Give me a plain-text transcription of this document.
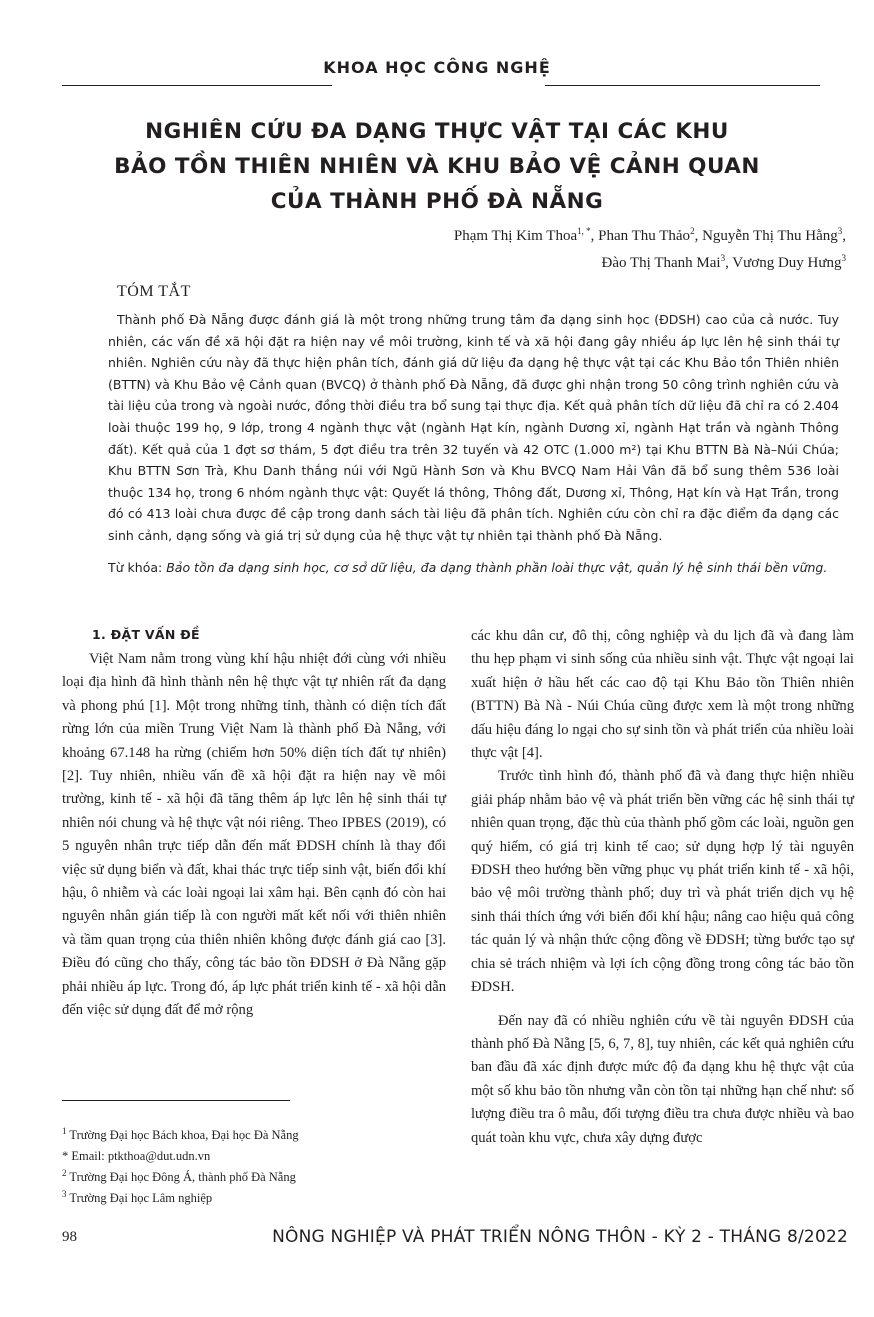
KHOA HỌC CÔNG NGHỆ
NGHIÊN CỨU ĐA DẠNG THỰC VẬT TẠI CÁC KHU
BẢO TỒN THIÊN NHIÊN VÀ KHU BẢO VỆ CẢNH QUAN
CỦA THÀNH PHỐ ĐÀ NẴNG
Phạm Thị Kim Thoa$^{1, *}$, Phan Thu Thảo$^2$, Nguyễn Thị Thu Hằng$^3$,
Đào Thị Thanh Mai$^3$, Vương Duy Hưng$^3$
TÓM TẮT
Thành phố Đà Nẵng được đánh giá là một trong những trung tâm đa dạng sinh học (ĐDSH) cao của cả nước. Tuy nhiên, các vấn đề xã hội đặt ra hiện nay về môi trường, kinh tế và xã hội đang gây nhiều áp lực lên hệ sinh thái tự nhiên. Nghiên cứu này đã thực hiện phân tích, đánh giá dữ liệu đa dạng hệ thực vật tại các Khu Bảo tồn Thiên nhiên (BTTN) và Khu Bảo vệ Cảnh quan (BVCQ) ở thành phố Đà Nẵng, đã được ghi nhận trong 50 công trình nghiên cứu và tài liệu của trong và ngoài nước, đồng thời điều tra bổ sung tại thực địa. Kết quả phân tích dữ liệu đã chỉ ra có 2.404 loài thuộc 199 họ, 9 lớp, trong 4 ngành thực vật (ngành Hạt kín, ngành Dương xỉ, ngành Hạt trần và ngành Thông đất). Kết quả của 1 đợt sơ thám, 5 đợt điều tra trên 32 tuyến và 42 OTC (1.000 m²) tại Khu BTTN Bà Nà–Núi Chúa; Khu BTTN Sơn Trà, Khu Danh thắng núi với Ngũ Hành Sơn và Khu BVCQ Nam Hải Vân đã bổ sung thêm 536 loài thuộc 134 họ, trong 6 nhóm ngành thực vật: Quyết lá thông, Thông đất, Dương xỉ, Thông, Hạt kín và Hạt Trần, trong đó có 413 loài chưa được đề cập trong danh sách tài liệu đã phân tích. Nghiên cứu còn chỉ ra đặc điểm đa dạng các sinh cảnh, dạng sống và giá trị sử dụng của hệ thực vật tự nhiên tại thành phố Đà Nẵng.
Từ khóa: Bảo tồn đa dạng sinh học, cơ sở dữ liệu, đa dạng thành phần loài thực vật, quản lý hệ sinh thái bền vững.
1. ĐẶT VẤN ĐỀ

Việt Nam nằm trong vùng khí hậu nhiệt đới cùng với nhiều loại địa hình đã hình thành nên hệ thực vật tự nhiên rất đa dạng và phong phú [1]. Một trong những tỉnh, thành có diện tích đất rừng lớn của miền Trung Việt Nam là thành phố Đà Nẵng, với khoảng 67.148 ha rừng (chiếm hơn 50% diện tích đất tự nhiên) [2]. Tuy nhiên, nhiều vấn đề xã hội đặt ra hiện nay về môi trường, kinh tế - xã hội đã tăng thêm áp lực lên hệ sinh thái tự nhiên nói chung và hệ thực vật nói riêng. Theo IPBES (2019), có 5 nguyên nhân trực tiếp dẫn đến mất ĐDSH chính là thay đổi việc sử dụng biển và đất, khai thác trực tiếp sinh vật, biến đổi khí hậu, ô nhiễm và các loài ngoại lai xâm hại. Bên cạnh đó còn hai nguyên nhân gián tiếp là con người mất kết nối với thiên nhiên và tầm quan trọng của thiên nhiên không được đánh giá cao [3]. Điều đó cũng cho thấy, công tác bảo tồn ĐDSH ở Đà Nẵng gặp phải nhiều áp lực. Trong đó, áp lực phát triển kinh tế - xã hội dẫn đến việc sử dụng đất để mở rộng

các khu dân cư, đô thị, công nghiệp và du lịch đã và đang làm thu hẹp phạm vi sinh sống của nhiều sinh vật. Thực vật ngoại lai xuất hiện ở hầu hết các cao độ tại Khu Bảo tồn Thiên nhiên (BTTN) Bà Nà - Núi Chúa cũng được xem là một trong những dấu hiệu đáng lo ngại cho sự sinh tồn và phát triển của nhiều loài thực vật [4].

Trước tình hình đó, thành phố đã và đang thực hiện nhiều giải pháp nhằm bảo vệ và phát triển bền vững các hệ sinh thái tự nhiên quan trọng, đặc thù của thành phố gồm các loài, nguồn gen quý hiếm, có giá trị kinh tế cao; sử dụng hợp lý tài nguyên ĐDSH theo hướng bền vững phục vụ phát triển kinh tế - xã hội, bảo vệ môi trường thành phố; duy trì và phát triển dịch vụ hệ sinh thái thích ứng với biến đổi khí hậu; nâng cao hiệu quả công tác quản lý và nhận thức cộng đồng về ĐDSH; từng bước tạo sự chia sẻ trách nhiệm và lợi ích cộng đồng trong công tác bảo tồn ĐDSH.

Đến nay đã có nhiều nghiên cứu về tài nguyên ĐDSH của thành phố Đà Nẵng [5, 6, 7, 8], tuy nhiên, các kết quả nghiên cứu ban đầu đã xác định được mức độ đa dạng khu hệ thực vật của một số khu bảo tồn nhưng vẫn còn tồn tại những hạn chế như: số lượng điều tra ô mẫu, đối tượng điều tra chưa được nhiều và bao quát toàn khu vực, chưa xây dựng được

$^1$ Trường Đại học Bách khoa, Đại học Đà Nẵng
* Email: ptkthoa@dut.udn.vn
$^2$ Trường Đại học Đông Á, thành phố Đà Nẵng
$^3$ Trường Đại học Lâm nghiệp
98	NÔNG NGHIỆP VÀ PHÁT TRIỂN NÔNG THÔN - KỲ 2 - THÁNG 8/2022
